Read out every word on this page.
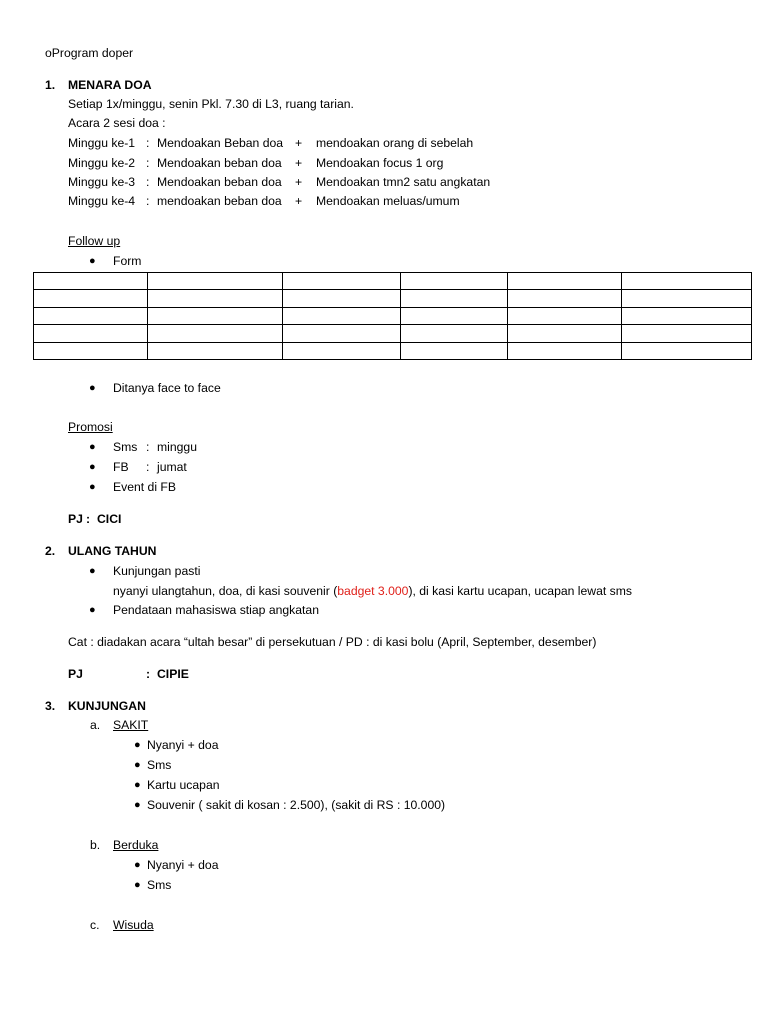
oProgram doper
1. MENARA DOA
Setiap 1x/minggu, senin Pkl. 7.30 di L3, ruang tarian.
Acara 2 sesi doa :
Minggu ke-1 : Mendoakan Beban doa + mendoakan orang di sebelah
Minggu ke-2 : Mendoakan beban doa + Mendoakan focus 1 org
Minggu ke-3 : Mendoakan beban doa + Mendoakan tmn2 satu angkatan
Minggu ke-4 : mendoakan beban doa + Mendoakan meluas/umum
Follow up
● Form

● Ditanya face to face
Promosi
● Sms : minggu
● FB : jumat
● Event di FB
PJ : CICI
2. ULANG TAHUN
● Kunjungan pasti
nyanyi ulangtahun, doa, di kasi souvenir (badget 3.000), di kasi kartu ucapan, ucapan lewat sms
● Pendataan mahasiswa stiap angkatan
Cat : diadakan acara “ultah besar” di persekutuan / PD : di kasi bolu (April, September, desember)
PJ	: CIPIE
3. KUNJUNGAN
a. SAKIT
● Nyanyi + doa
● Sms
● Kartu ucapan
● Souvenir ( sakit di kosan : 2.500), (sakit di RS : 10.000)
b. Berduka
● Nyanyi + doa
● Sms
c. Wisuda
